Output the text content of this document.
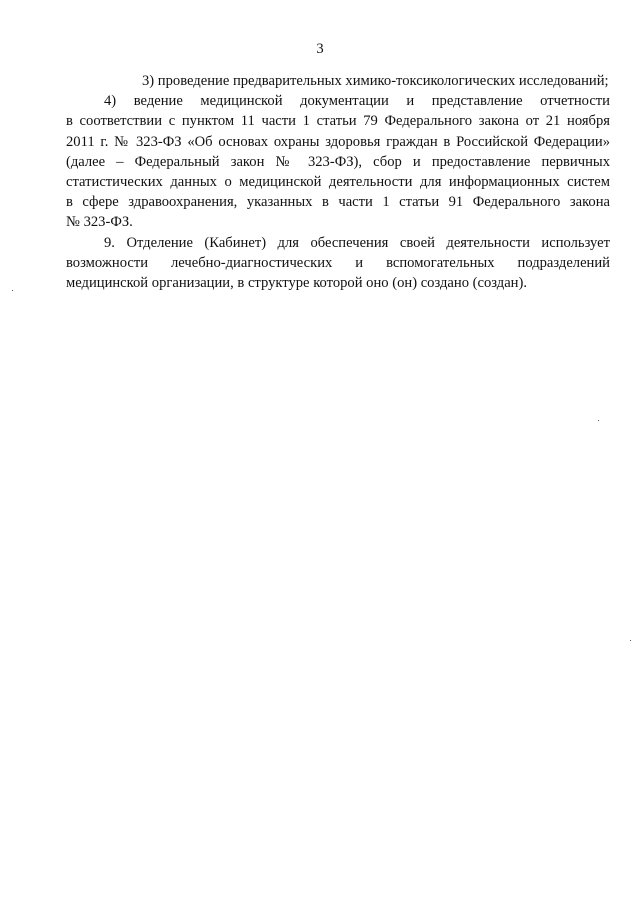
3

3) проведение предварительных химико-токсикологических исследований;

4) ведение медицинской документации и представление отчетности
в соответствии с пунктом 11 части 1 статьи 79 Федерального закона от 21 ноября
2011 г. № 323-ФЗ «Об основах охраны здоровья граждан в Российской Федерации»
(далее – Федеральный закон № 323-ФЗ), сбор и предоставление первичных
статистических данных о медицинской деятельности для информационных систем
в сфере здравоохранения, указанных в части 1 статьи 91 Федерального закона
№ 323-ФЗ.

9. Отделение (Кабинет) для обеспечения своей деятельности использует
возможности лечебно-диагностических и вспомогательных подразделений
медицинской организации, в структуре которой оно (он) создано (создан).
